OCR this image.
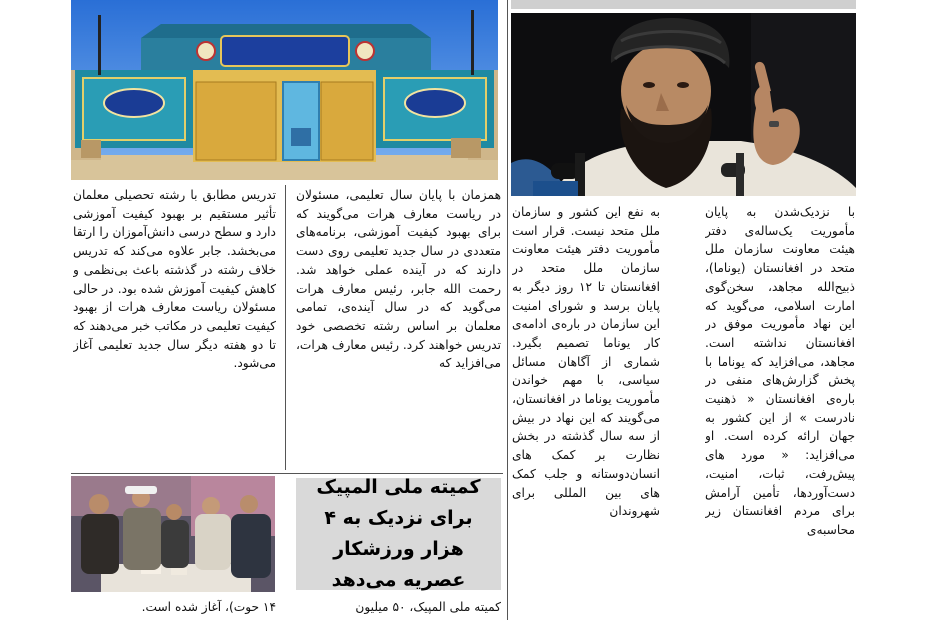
با نزدیک‌شدن به پایان مأموریت یک‌ساله‌ی دفتر هیئت معاونت سازمان ملل متحد در افغانستان (یوناما)، ذبیح‌الله مجاهد، سخن‌گوی امارت اسلامی، می‌گوید که این نهاد مأموریت موفق در افغانستان نداشته است. مجاهد، می‌افزاید که یوناما با پخش گزارش‌های منفی در باره‌ی افغانستان « ذهنیت نادرست » از این کشور به جهان ارائه کرده است. او می‌افزاید: « مورد های پیش‌رفت، ثبات، امنیت، دست‌آوردها، تأمین آرامش برای مردم افغانستان زیر محاسبه‌ی

به نفع این کشور و سازمان ملل متحد نیست. قرار است مأموریت دفتر هیئت معاونت سازمان ملل متحد در افغانستان تا ۱۲ روز دیگر به پایان برسد و شورای امنیت این سازمان در باره‌ی ادامه‌ی کار یوناما تصمیم بگیرد. شماری از آگاهان مسائل سیاسی، با مهم خواندن مأموریت یوناما در افغانستان، می‌گویند که این نهاد در بیش از سه سال گذشته در بخش نظارت بر کمک های انسان‌دوستانه و جلب کمک های بین المللی برای شهروندان

همزمان با پایان سال تعلیمی، مسئولان در ریاست معارف هرات می‌گویند که برای بهبود کیفیت آموزشی، برنامه‌های متعددی در سال جدید تعلیمی روی دست دارند که در آینده عملی خواهد شد. رحمت الله جابر، رئیس معارف هرات می‌گوید که در سال آینده‌ی، تمامی معلمان بر اساس رشته تخصصی خود تدریس خواهند کرد. رئیس معارف هرات، می‌افزاید که

تدریس مطابق با رشته تحصیلی معلمان تأثیر مستقیم بر بهبود کیفیت آموزشی دارد و سطح درسی دانش‌آموزان را ارتقا می‌بخشد. جابر علاوه می‌کند که تدریس خلاف رشته در گذشته باعث بی‌نظمی و کاهش کیفیت آموزش شده بود. در حالی مسئولان ریاست معارف هرات از بهبود کیفیت تعلیمی در مکاتب خبر می‌دهند که تا دو هفته دیگر سال جدید تعلیمی آغاز می‌شود.

کمیته ملی المپیک برای نزدیک به ۴ هزار ورزشکار عصریه می‌دهد

کمیته ملی المپیک، ۵۰ میلیون

۱۴ حوت)، آغاز شده است.
